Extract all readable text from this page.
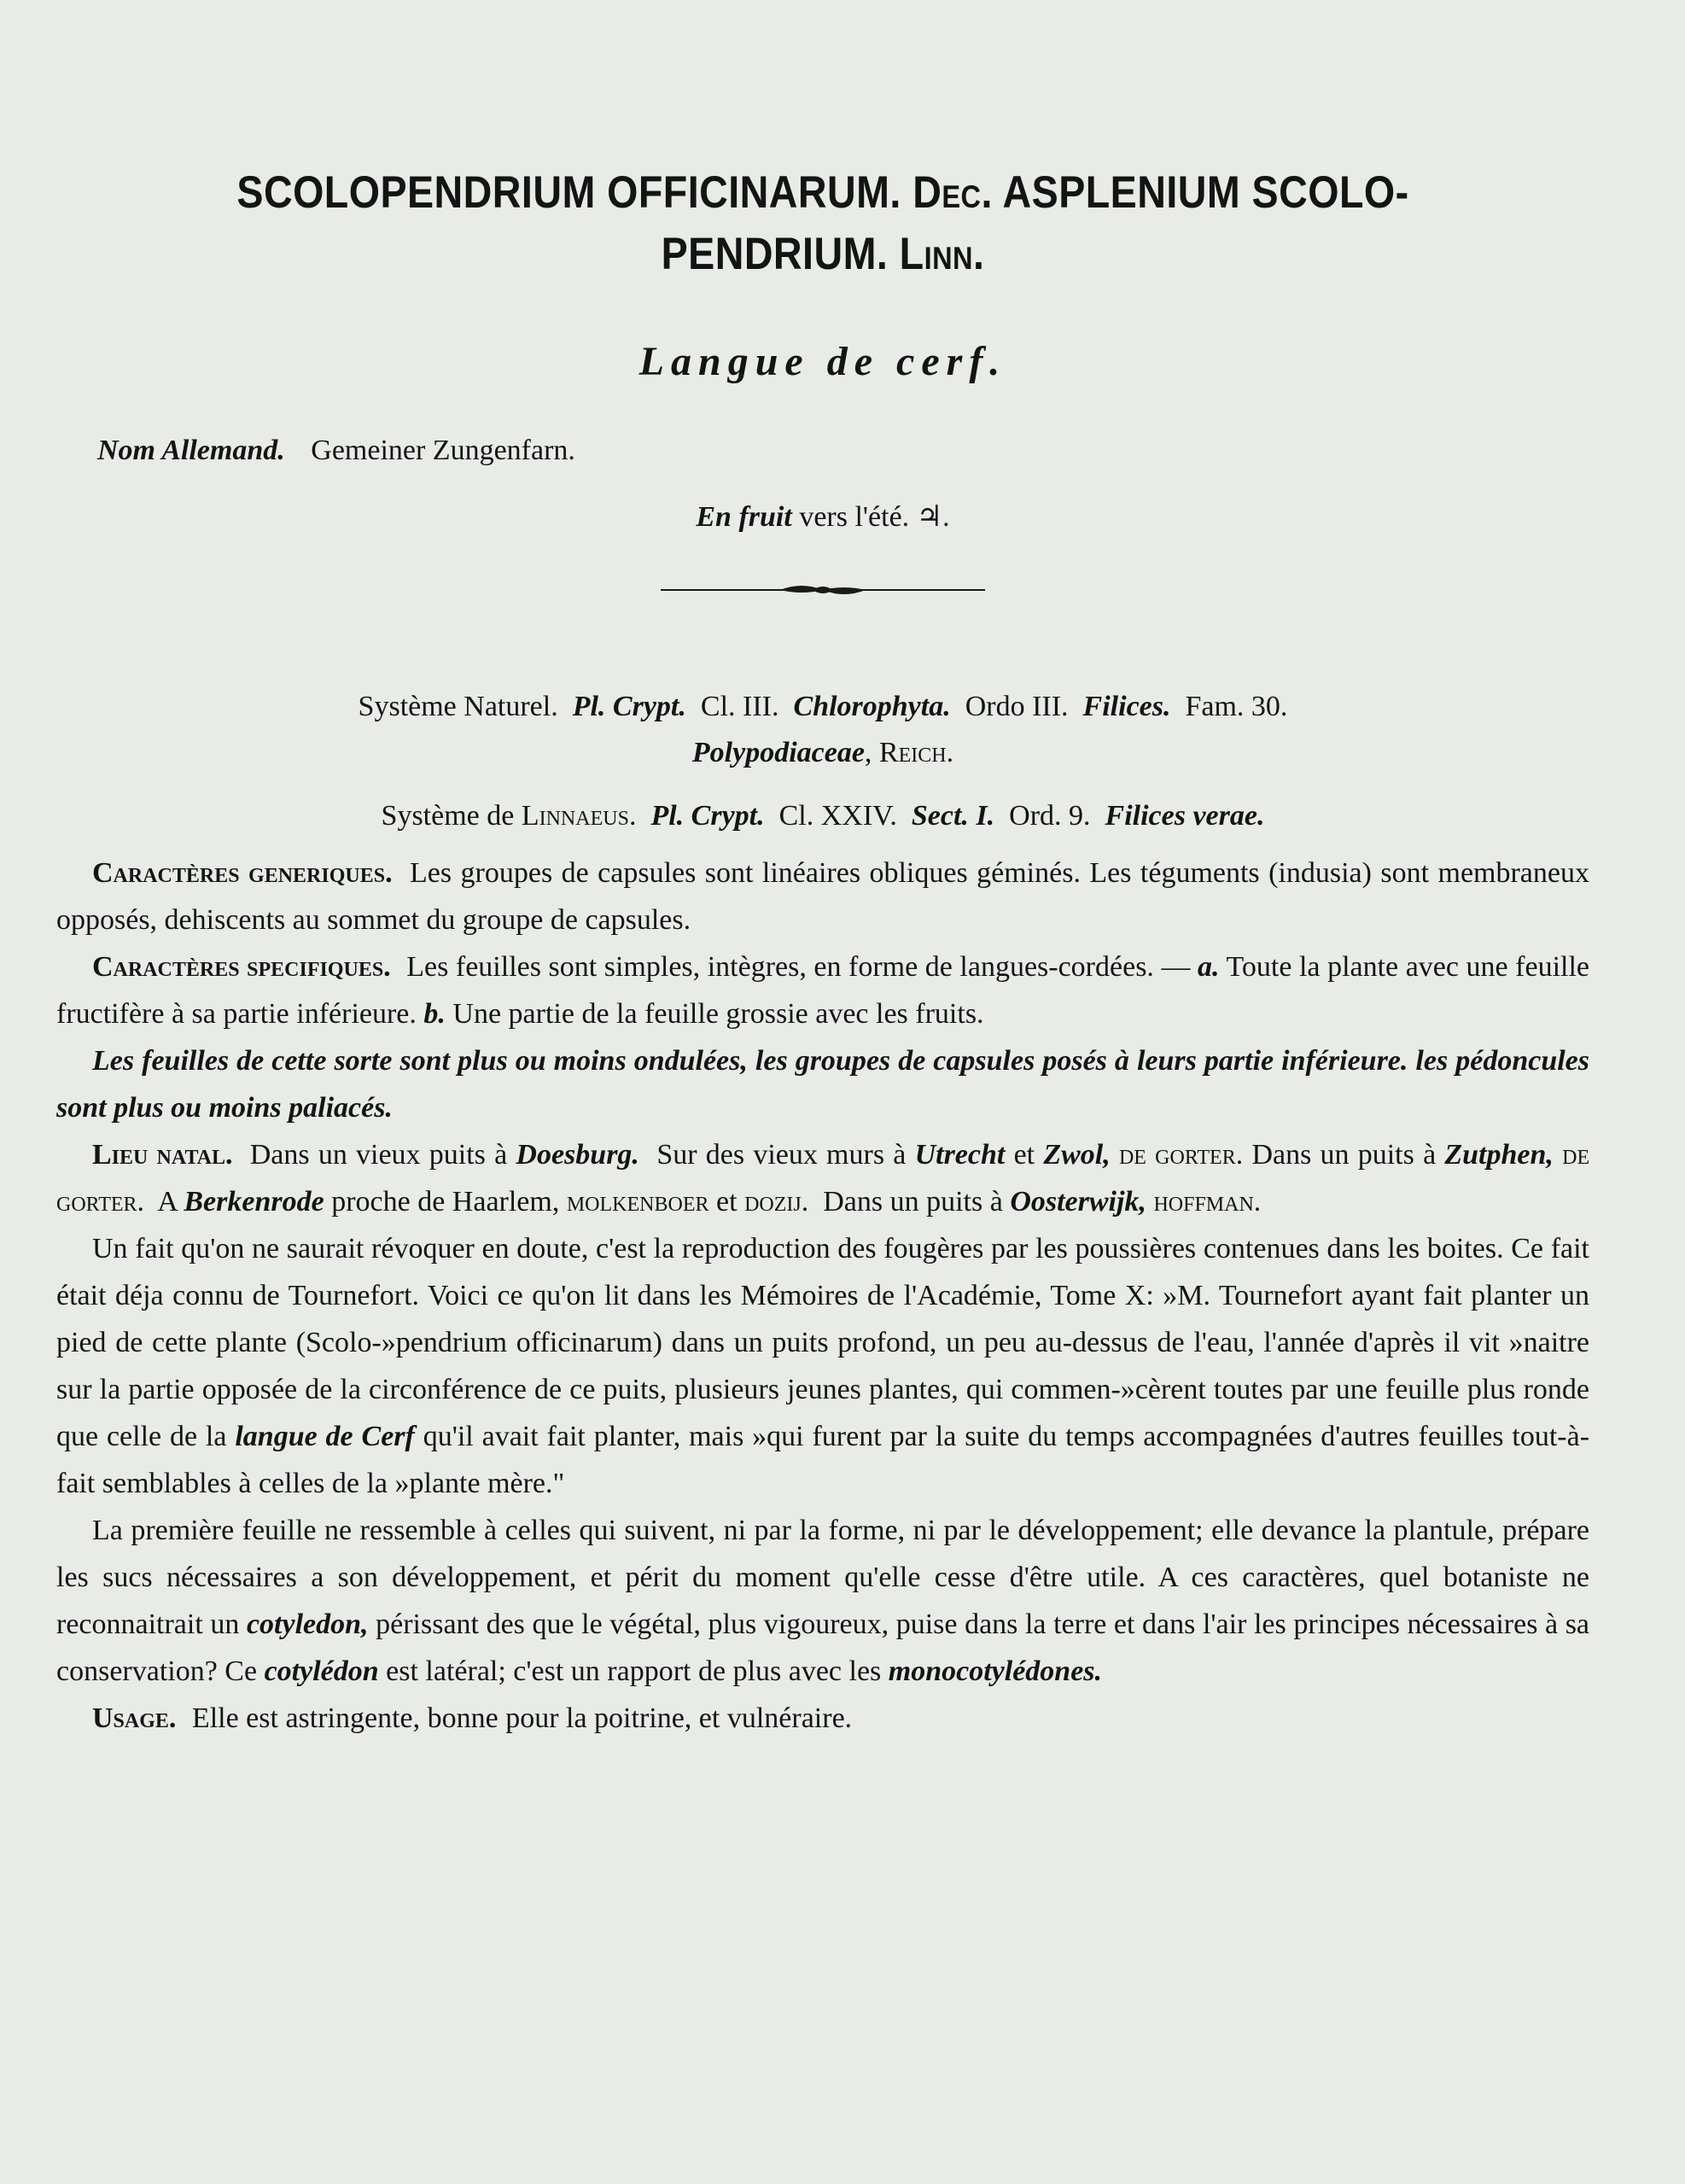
SCOLOPENDRIUM OFFICINARUM. Dec. ASPLENIUM SCOLO-
PENDRIUM. Linn.
Langue de cerf.
Nom Allemand. Gemeiner Zungenfarn.
En fruit vers l'été. ♃.
Système Naturel. Pl. Crypt. Cl. III. Chlorophyta. Ordo III. Filices. Fam. 30.
Polypodiaceae, Reich.
Système de Linnaeus. Pl. Crypt. Cl. XXIV. Sect. I. Ord. 9. Filices verae.

Caractères generiques. Les groupes de capsules sont linéaires obliques géminés. Les téguments (indusia) sont membraneux opposés, dehiscents au sommet du groupe de capsules.

Caractères specifiques. Les feuilles sont simples, intègres, en forme de langues-cordées. — a. Toute la plante avec une feuille fructifère à sa partie inférieure. b. Une partie de la feuille grossie avec les fruits.

Les feuilles de cette sorte sont plus ou moins ondulées, les groupes de capsules posés à leurs partie inférieure. les pédoncules sont plus ou moins paliacés.

Lieu natal. Dans un vieux puits à Doesburg. Sur des vieux murs à Utrecht et Zwol, de gorter. Dans un puits à Zutphen, de gorter. A Berkenrode proche de Haarlem, molkenboer et dozij. Dans un puits à Oosterwijk, hoffman.

Un fait qu'on ne saurait révoquer en doute, c'est la reproduction des fougères par les poussières contenues dans les boites. Ce fait était déja connu de Tournefort. Voici ce qu'on lit dans les Mémoires de l'Académie, Tome X: »M. Tournefort ayant fait planter un pied de cette plante (Scolo-»pendrium officinarum) dans un puits profond, un peu au-dessus de l'eau, l'année d'après il vit »naitre sur la partie opposée de la circonférence de ce puits, plusieurs jeunes plantes, qui commen-»cèrent toutes par une feuille plus ronde que celle de la langue de Cerf qu'il avait fait planter, mais »qui furent par la suite du temps accompagnées d'autres feuilles tout-à-fait semblables à celles de la »plante mère."

La première feuille ne ressemble à celles qui suivent, ni par la forme, ni par le développement; elle devance la plantule, prépare les sucs nécessaires a son développement, et périt du moment qu'elle cesse d'être utile. A ces caractères, quel botaniste ne reconnaitrait un cotyledon, périssant des que le végétal, plus vigoureux, puise dans la terre et dans l'air les principes nécessaires à sa conservation? Ce cotylédon est latéral; c'est un rapport de plus avec les monocotylédones.

Usage. Elle est astringente, bonne pour la poitrine, et vulnéraire.
